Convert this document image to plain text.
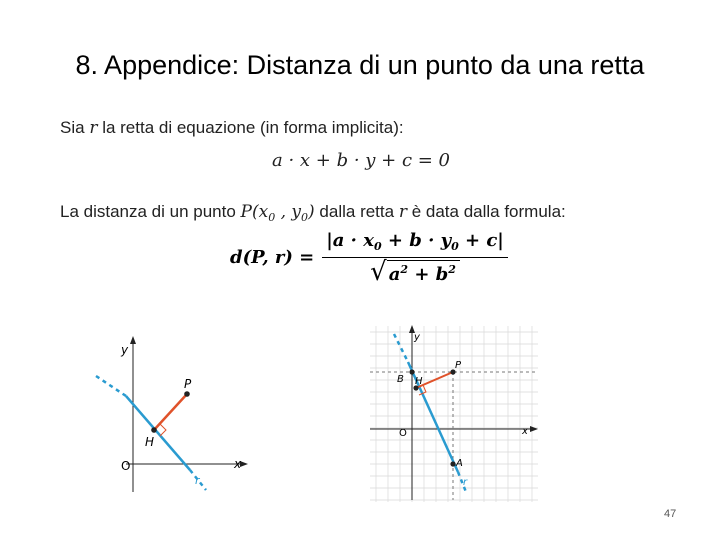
8. Appendice: Distanza di un punto da una retta
Sia r la retta di equazione (in forma implicita):
a · x + b · y + c = 0
La distanza di un punto $P(x_0$ , $y_0$) dalla retta r è data dalla formula:
d(P, $r) = \frac{|a \cdot x_0 + b \cdot y_0 + c|}{√ a^2 + b^2}$
y
x
O
P
H
r
y
x
O
P
H
B
A
r
47
